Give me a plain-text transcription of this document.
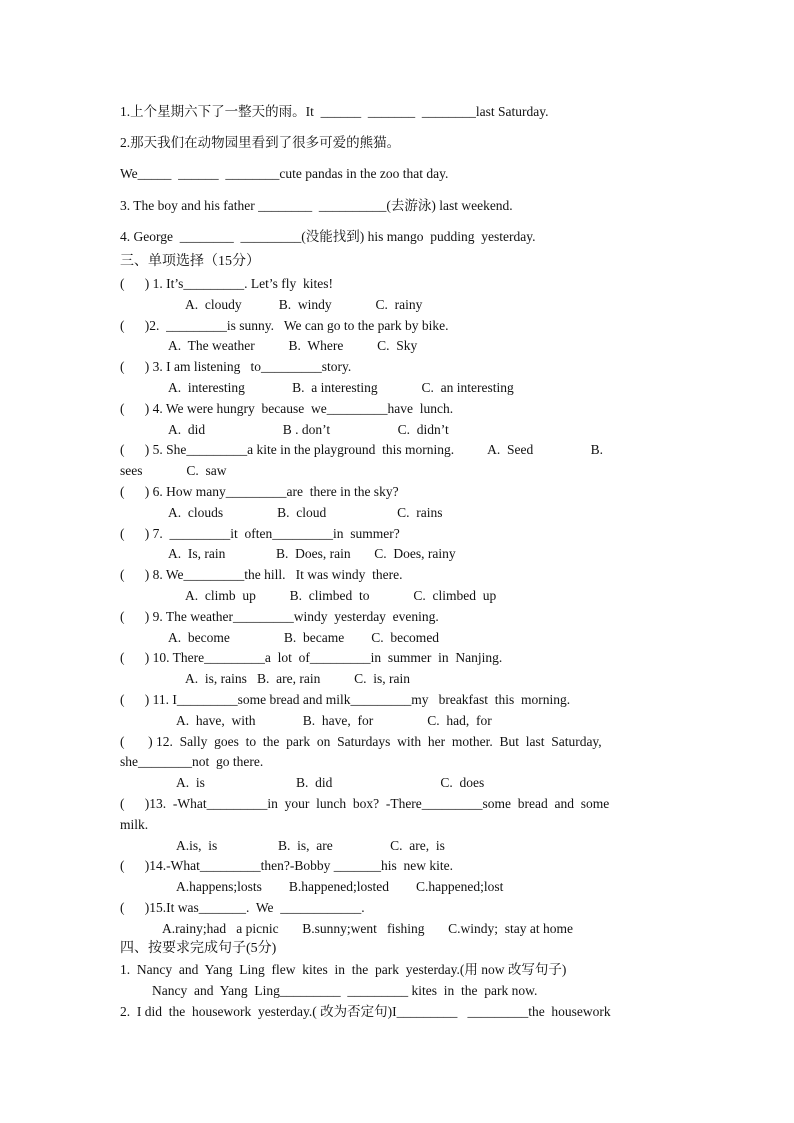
1.上个星期六下了一整天的雨。It  ______  _______  ________last Saturday.
2.那天我们在动物园里看到了很多可爱的熊猫。
We_____  ______  ________cute pandas in the zoo that day.
3. The boy and his father ________  __________(去游泳) last weekend.
4. George  ________  _________(没能找到) his mango  pudding  yesterday.
三、单项选择（15分）
(      ) 1. It’s_________. Let’s fly  kites!
A.  cloudy           B.  windy             C.  rainy
(      )2.  _________is sunny.   We can go to the park by bike.
A.  The weather          B.  Where          C.  Sky
(      ) 3. I am listening   to_________story.
A.  interesting              B.  a interesting             C.  an interesting
(      ) 4. We were hungry  because  we_________have  lunch.
A.  did                       B . don’t                    C.  didn’t
(      ) 5. She_________a kite in the playground  this morning.          A.  Seed                 B.
sees             C.  saw
(      ) 6. How many_________are  there in the sky?
A.  clouds                B.  cloud                     C.  rains
(      ) 7.  _________it  often_________in  summer?
A.  Is, rain               B.  Does, rain       C.  Does, rainy
(      ) 8. We_________the hill.   It was windy  there.
A.  climb  up          B.  climbed  to             C.  climbed  up
(      ) 9. The weather_________windy  yesterday  evening.
A.  become                B.  became        C.  becomed
(      ) 10. There_________a  lot  of_________in  summer  in  Nanjing.
A.  is, rains   B.  are, rain          C.  is, rain
(      ) 11. I_________some bread and milk_________my   breakfast  this  morning.
A.  have,  with              B.  have,  for                C.  had,  for
(       ) 12.  Sally  goes  to  the  park  on  Saturdays  with  her  mother.  But  last  Saturday,
she________not  go there.
A.  is                           B.  did                                C.  does
(      )13.  -What_________in  your  lunch  box?  -There_________some  bread  and  some
milk.
A.is,  is                  B.  is,  are                 C.  are,  is
(      )14.-What_________then?-Bobby _______his  new kite.
A.happens;losts        B.happened;losted        C.happened;lost
(      )15.It was_______.  We  ____________.
A.rainy;had   a picnic       B.sunny;went   fishing       C.windy;  stay at home
四、按要求完成句子(5分)
1.  Nancy  and  Yang  Ling  flew  kites  in  the  park  yesterday.(用 now 改写句子)
Nancy  and  Yang  Ling_________  _________ kites  in  the  park now.
2.  I did  the  housework  yesterday.( 改为否定句)I_________   _________the  housework
